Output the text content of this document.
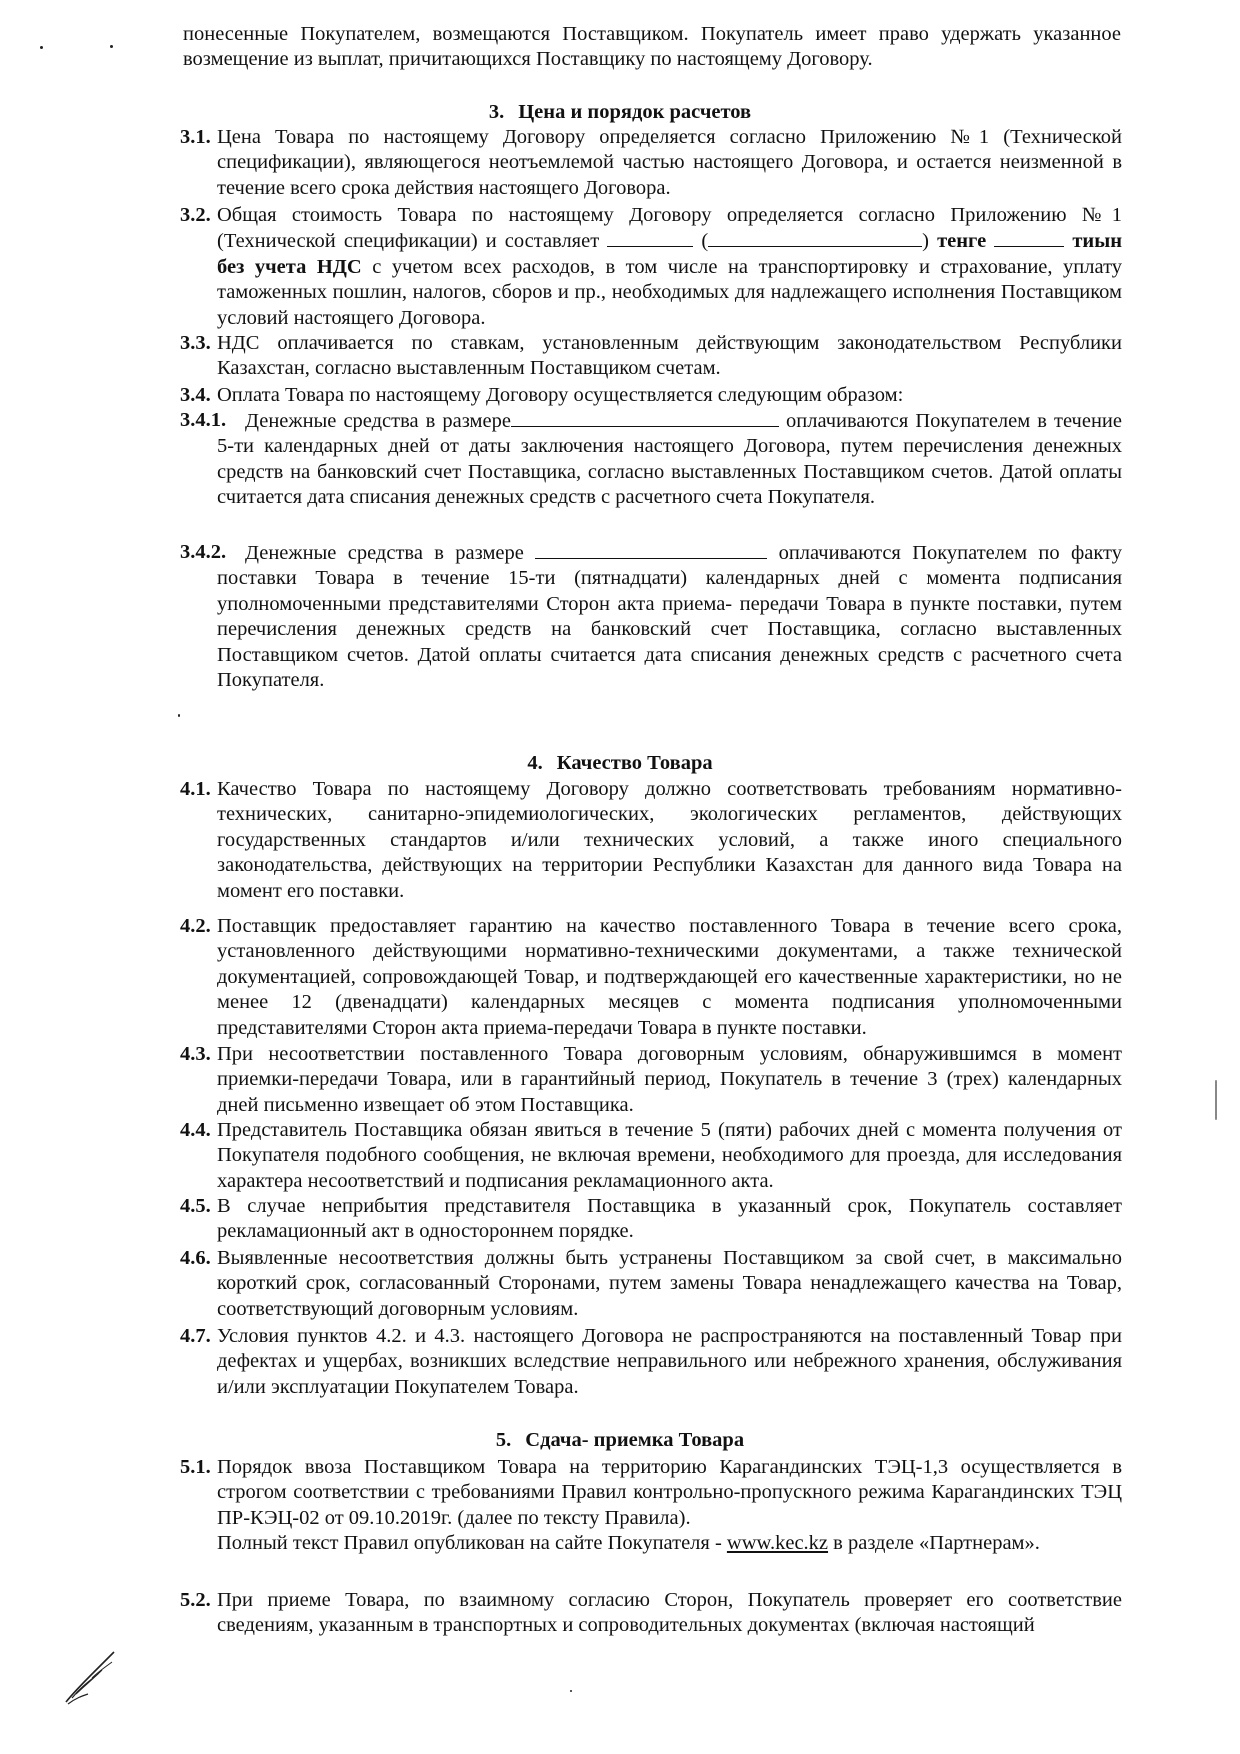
понесенные Покупателем, возмещаются Поставщиком. Покупатель имеет право удержать указанное возмещение из выплат, причитающихся Поставщику по настоящему Договору.
3. Цена и порядок расчетов
3.1. Цена Товара по настоящему Договору определяется согласно Приложению №1 (Технической спецификации), являющегося неотъемлемой частью настоящего Договора, и остается неизменной в течение всего срока действия настоящего Договора.
3.2. Общая стоимость Товара по настоящему Договору определяется согласно Приложению №1 (Технической спецификации) и составляет	(	) тенге	тиын без учета НДС с учетом всех расходов, в том числе на транспортировку и страхование, уплату таможенных пошлин, налогов, сборов и пр., необходимых для надлежащего исполнения Поставщиком условий настоящего Договора.
3.3. НДС оплачивается по ставкам, установленным действующим законодательством Республики Казахстан, согласно выставленным Поставщиком счетам.
3.4. Оплата Товара по настоящему Договору осуществляется следующим образом:
3.4.1. Денежные средства в размере	оплачиваются Покупателем в течение 5-ти календарных дней от даты заключения настоящего Договора, путем перечисления денежных средств на банковский счет Поставщика, согласно выставленных Поставщиком счетов. Датой оплаты считается дата списания денежных средств с расчетного счета Покупателя.
3.4.2. Денежные средства в размере	оплачиваются Покупателем по факту поставки Товара в течение 15-ти (пятнадцати) календарных дней с момента подписания уполномоченными представителями Сторон акта приема- передачи Товара в пункте поставки, путем перечисления денежных средств на банковский счет Поставщика, согласно выставленных Поставщиком счетов. Датой оплаты считается дата списания денежных средств с расчетного счета Покупателя.
4. Качество Товара
4.1. Качество Товара по настоящему Договору должно соответствовать требованиям нормативно-технических, санитарно-эпидемиологических, экологических регламентов, действующих государственных стандартов и/или технических условий, а также иного специального законодательства, действующих на территории Республики Казахстан для данного вида Товара на момент его поставки.
4.2. Поставщик предоставляет гарантию на качество поставленного Товара в течение всего срока, установленного действующими нормативно-техническими документами, а также технической документацией, сопровождающей Товар, и подтверждающей его качественные характеристики, но не менее 12 (двенадцати) календарных месяцев с момента подписания уполномоченными представителями Сторон акта приема-передачи Товара в пункте поставки.
4.3. При несоответствии поставленного Товара договорным условиям, обнаружившимся в момент приемки-передачи Товара, или в гарантийный период, Покупатель в течение 3 (трех) календарных дней письменно извещает об этом Поставщика.
4.4. Представитель Поставщика обязан явиться в течение 5 (пяти) рабочих дней с момента получения от Покупателя подобного сообщения, не включая времени, необходимого для проезда, для исследования характера несоответствий и подписания рекламационного акта.
4.5. В случае неприбытия представителя Поставщика в указанный срок, Покупатель составляет рекламационный акт в одностороннем порядке.
4.6. Выявленные несоответствия должны быть устранены Поставщиком за свой счет, в максимально короткий срок, согласованный Сторонами, путем замены Товара ненадлежащего качества на Товар, соответствующий договорным условиям.
4.7. Условия пунктов 4.2. и 4.3. настоящего Договора не распространяются на поставленный Товар при дефектах и ущербах, возникших вследствие неправильного или небрежного хранения, обслуживания и/или эксплуатации Покупателем Товара.
5. Сдача- приемка Товара
5.1. Порядок ввоза Поставщиком Товара на территорию Карагандинских ТЭЦ-1,3 осуществляется в строгом соответствии с требованиями Правил контрольно-пропускного режима Карагандинских ТЭЦ ПР-КЭЦ-02 от 09.10.2019г. (далее по тексту Правила).
Полный текст Правил опубликован на сайте Покупателя - www.kec.kz в разделе «Партнерам».
5.2. При приеме Товара, по взаимному согласию Сторон, Покупатель проверяет его соответствие сведениям, указанным в транспортных и сопроводительных документах (включая настоящий
